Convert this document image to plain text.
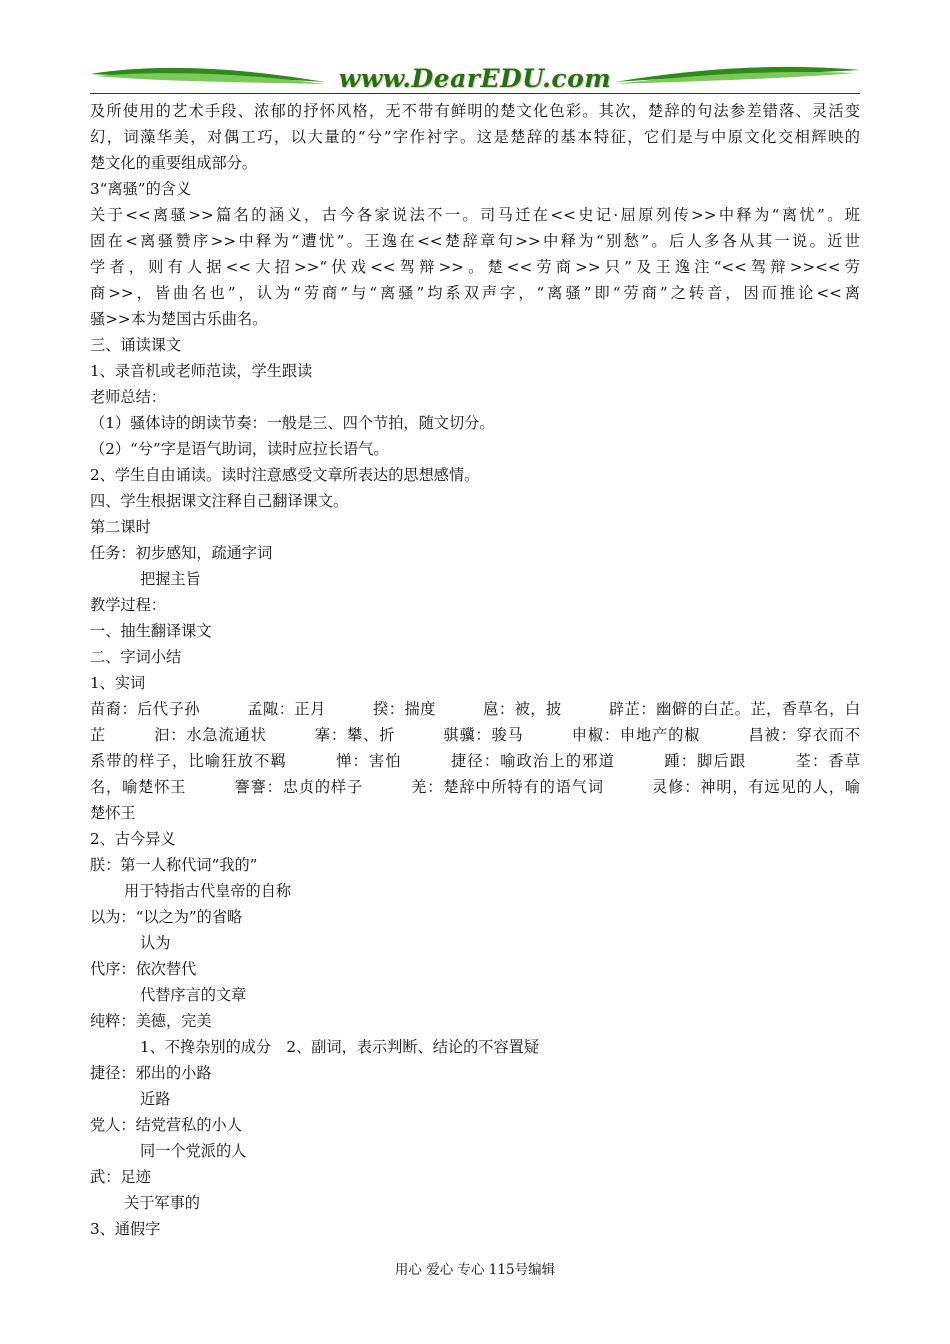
www.DearEDU.com
及所使用的艺术手段、浓郁的抒怀风格，无不带有鲜明的楚文化色彩。其次，楚辞的句法参差错落、灵活变
幻，词藻华美，对偶工巧，以大量的“兮”字作衬字。这是楚辞的基本特征，它们是与中原文化交相辉映的
楚文化的重要组成部分。
3“离骚”的含义
关于<<离骚>>篇名的涵义，古今各家说法不一。司马迁在<<史记·屈原列传>>中释为“离忧”。班
固在<离骚赞序>>中释为“遭忧”。王逸在<<楚辞章句>>中释为“别愁”。后人多各从其一说。近世
学者，则有人据<<大招>>“伏戏<<驾辩>>。楚<<劳商>>只”及王逸注“<<驾辩>><<劳
商>>，皆曲名也”，认为“劳商”与“离骚”均系双声字，“离骚”即“劳商”之转音，因而推论<<离
骚>>本为楚国古乐曲名。
三、诵读课文
1、录音机或老师范读，学生跟读
老师总结：
（1）骚体诗的朗读节奏：一般是三、四个节拍，随文切分。
（2）“兮”字是语气助词，读时应拉长语气。
2、学生自由诵读。读时注意感受文章所表达的思想感情。
四、学生根据课文注释自己翻译课文。
第二课时
任务：初步感知，疏通字词
把握主旨
教学过程：
一、抽生翻译课文
二、字词小结
1、实词
苗裔：后代子孙　　　孟陬：正月　　　揆：揣度　　　扈：被，披　　　辟芷：幽僻的白芷。芷，香草名，白
芷　　　汩：水急流通状　　　搴：攀、折　　　骐骥：骏马　　　申椒：申地产的椒　　　昌被：穿衣而不
系带的样子，比喻狂放不羁　　　惮：害怕　　　捷径：喻政治上的邪道　　　踵：脚后跟　　　荃：香草
名，喻楚怀王　　　謇謇：忠贞的样子　　　羌：楚辞中所特有的语气词　　　灵修：神明，有远见的人，喻
楚怀王
2、古今异义
朕：第一人称代词“我的”
用于特指古代皇帝的自称
以为：“以之为”的省略
认为
代序：依次替代
代替序言的文章
纯粹：美德，完美
1、不搀杂别的成分　2、副词，表示判断、结论的不容置疑
捷径：邪出的小路
近路
党人：结党营私的小人
同一个党派的人
武：足迹
关于军事的
3、通假字
用心 爱心 专心 115号编辑
